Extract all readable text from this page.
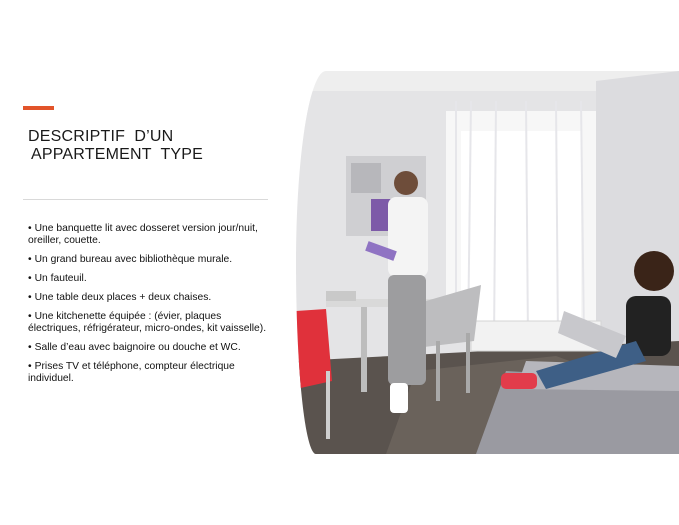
DESCRIPTIF  D’UN
APPARTEMENT  TYPE
• Une banquette lit avec dosseret version jour/nuit, oreiller, couette.
• Un grand bureau avec bibliothèque murale.
• Un fauteuil.
• Une table deux places + deux chaises.
• Une kitchenette équipée : (évier, plaques électriques, réfrigérateur, micro-ondes, kit vaisselle).
• Salle d’eau avec baignoire ou douche et WC.
• Prises TV et téléphone, compteur électrique individuel.
